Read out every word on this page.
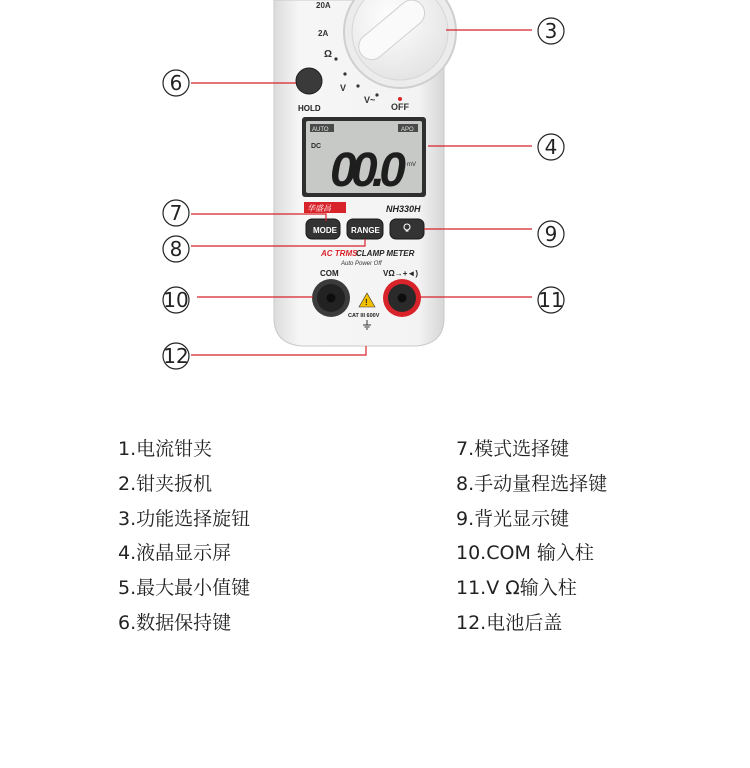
20A
2A
Ω
V
V~
OFF
HOLD
AUTO	APO
DC 00.0 mV
华盛昌	NH330H
MODE RANGE
AC TRMS
CLAMP METER
Auto Power Off
COM	VΩ→+◄)
!
CAT III 600V
3
6
4
7
8
9
10	11
12
1.电流钳夹
2.钳夹扳机
3.功能选择旋钮
4.液晶显示屏
5.最大最小值键
6.数据保持键
7.模式选择键
8.手动量程选择键
9.背光显示键
10.COM 输入柱
11.V Ω输入柱
12.电池后盖
